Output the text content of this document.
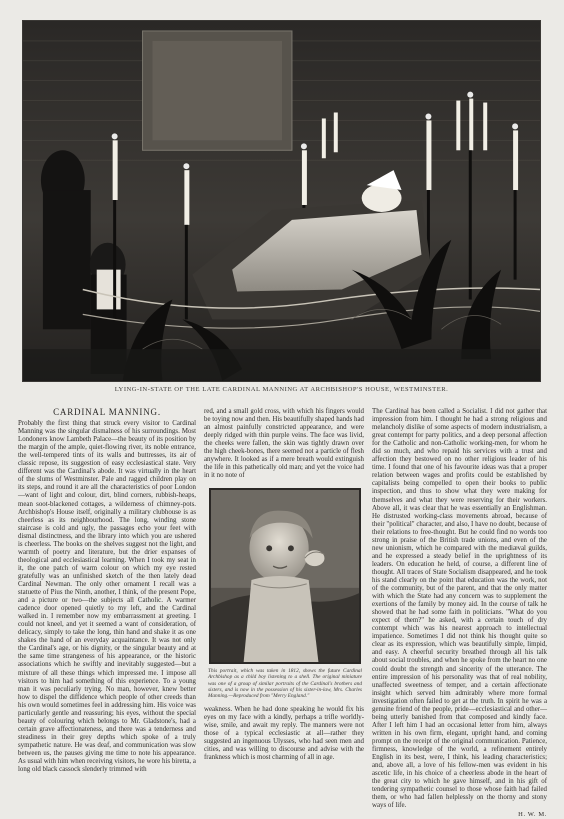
LYING-IN-STATE OF THE LATE CARDINAL MANNING AT ARCHBISHOP'S HOUSE, WESTMINSTER.
CARDINAL MANNING.

Probably the first thing that struck every visitor to Cardinal Manning was the singular dismalness of his surroundings. Most Londoners know Lambeth Palace—the beauty of its position by the margin of the ample, quiet-flowing river, its noble entrance, the well-tempered tints of its walls and buttresses, its air of classic repose, its suggestion of easy ecclesiastical state. Very different was the Cardinal's abode. It was virtually in the heart of the slums of Westminster. Pale and ragged children play on its steps, and round it are all the characteristics of poor London—want of light and colour, dirt, blind corners, rubbish-heaps, mean soot-blackened cottages, a wilderness of chimney-pots. Archbishop's House itself, originally a military clubhouse is as cheerless as its neighbourhood. The long, winding stone staircase is cold and ugly, the passages echo your feet with dismal distinctness, and the library into which you are ushered is cheerless. The books on the shelves suggest not the light, and warmth of poetry and literature, but the drier expanses of theological and ecclesiastical learning. When I took my seat in it, the one patch of warm colour on which my eye rested gratefully was an unfinished sketch of the then lately dead Cardinal Newman. The only other ornament I recall was a statuette of Pius the Ninth, another, I think, of the present Pope, and a picture or two—the subjects all Catholic. A warmer cadence door opened quietly to my left, and the Cardinal walked in. I remember now my embarrassment at greeting. I could not kneel, and yet it seemed a want of consideration, of delicacy, simply to take the long, thin hand and shake it as one shakes the hand of an everyday acquaintance. It was not only the Cardinal's age, or his dignity, or the singular beauty and at the same time strangeness of his appearance, or the historic associations which he swiftly and inevitably suggested—but a mixture of all these things which impressed me. I impose all visitors to him had something of this experience. To a young man it was peculiarly trying. No man, however, knew better how to dispel the diffidence which people of other creeds than his own would sometimes feel in addressing him. His voice was particularly gentle and reassuring; his eyes, without the special beauty of colouring which belongs to Mr. Gladstone's, had a certain grave affectionateness, and there was a tenderness and steadiness in their grey depths which spoke of a truly sympathetic nature. He was deaf, and communication was slow between us, the pauses giving me time to note his appearance. As usual with him when receiving visitors, he wore his biretta, a long old black cassock slenderly trimmed with

red, and a small gold cross, with which his fingers would be toying now and then. His beautifully shaped hands had an almost painfully constricted appearance, and were deeply ridged with thin purple veins. The face was livid, the cheeks were fallen, the skin was tightly drawn over the high cheek-bones, there seemed not a particle of flesh anywhere. It looked as if a mere breath would extinguish the life in this pathetically old man; and yet the voice had in it no note of

This portrait, which was taken in 1812, shows the future Cardinal Archbishop as a child boy listening to a shell. The original miniature was one of a group of similar portraits of the Cardinal's brothers and sisters, and is now in the possession of his sister-in-law, Mrs. Charles Manning.—Reproduced from "Merry England."

weakness. When he had done speaking he would fix his eyes on my face with a kindly, perhaps a trifle worldly-wise, smile, and await my reply. The manners were not those of a typical ecclesiastic at all—rather they suggested an ingenuous Ulysses, who had seen men and cities, and was willing to discourse and advise with the frankness which is most charming of all in age.

The Cardinal has been called a Socialist. I did not gather that impression from him. I thought he had a strong religious and melancholy dislike of some aspects of modern industrialism, a great contempt for party politics, and a deep personal affection for the Catholic and non-Catholic working-men, for whom he did so much, and who repaid his services with a trust and affection they bestowed on no other religious leader of his time. I found that one of his favourite ideas was that a proper relation between wages and profits could be established by capitalists being compelled to open their books to public inspection, and thus to show what they were making for themselves and what they were reserving for their workers. Above all, it was clear that he was essentially an Englishman. He distrusted working-class movements abroad, because of their "political" character, and also, I have no doubt, because of their relations to free-thought. But he could find no words too strong in praise of the British trade unions, and even of the new unionism, which he compared with the mediæval guilds, and he expressed a steady belief in the uprightness of its leaders. On education he held, of course, a different line of thought. All traces of State Socialism disappeared, and he took his stand clearly on the point that education was the work, not of the community, but of the parent, and that the only matter with which the State had any concern was to supplement the exertions of the family by money aid. In the course of talk he showed that he had some faith in politicians. "What do you expect of them?" he asked, with a certain touch of dry contempt which was his nearest approach to intellectual impatience. Sometimes I did not think his thought quite so clear as its expression, which was beautifully simple, limpid, and easy. A cheerful security breathed through all his talk about social troubles, and when he spoke from the heart no one could doubt the strength and sincerity of the utterance. The entire impression of his personality was that of real nobility, unaffected sweetness of temper, and a certain affectionate insight which served him admirably where more formal investigation often failed to get at the truth. In spirit he was a genuine friend of the people, pride—ecclesiastical and other—being utterly banished from that composed and kindly face. After I left him I had an occasional letter from him, always written in his own firm, elegant, upright hand, and coming prompt on the receipt of the original communication. Patience, firmness, knowledge of the world, a refinement entirely English in its best, were, I think, his leading characteristics; and, above all, a love of his fellow-men was evident in his ascetic life, in his choice of a cheerless abode in the heart of the great city to which he gave himself, and in his gift of tendering sympathetic counsel to those whose faith had failed them, or who had fallen helplessly on the thorny and stony ways of life.

H. W. M.
